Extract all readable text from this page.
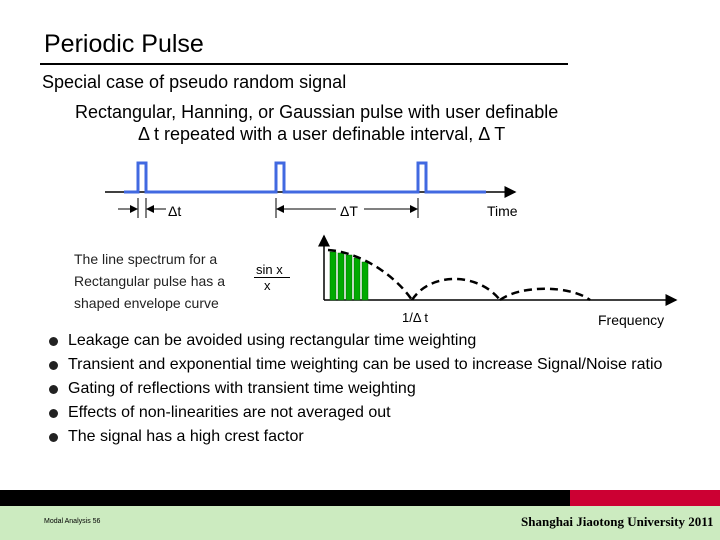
Periodic Pulse
Special case of pseudo random signal
Rectangular, Hanning, or Gaussian pulse with user definable
Δ t repeated with a user definable interval, Δ T
Δt	ΔT	Time
1/Δ t	Frequency
The line spectrum for a Rectangular pulse has a shaped envelope curve
sin x
x
Leakage can be avoided using rectangular time weighting
Transient and exponential time weighting can be used to increase Signal/Noise ratio
Gating of reflections with transient time weighting
Effects of non-linearities are not averaged out
The signal has a high crest factor
Modal Analysis 56	Shanghai Jiaotong University 2011
